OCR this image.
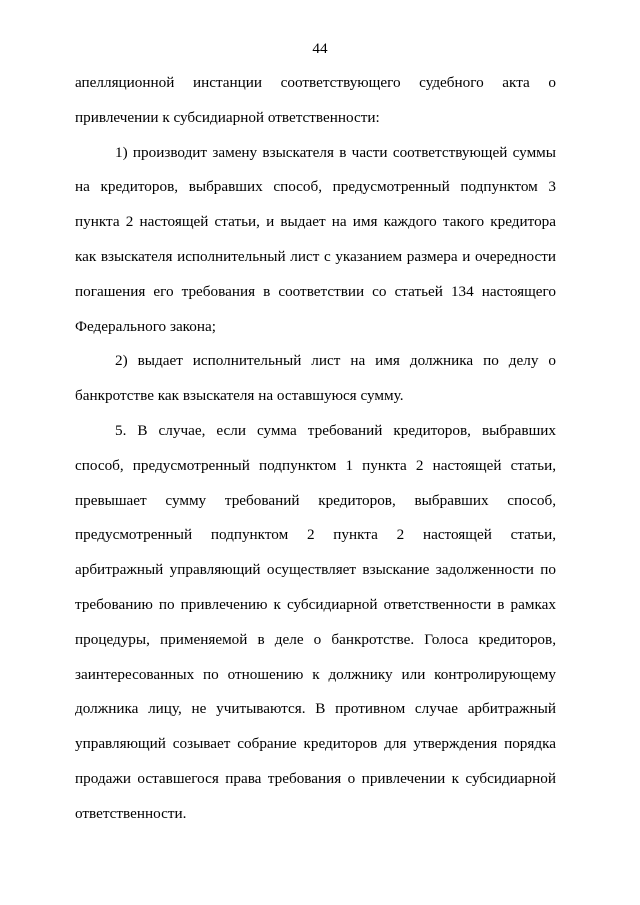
44

апелляционной инстанции соответствующего судебного акта о привлечении к субсидиарной ответственности:

1) производит замену взыскателя в части соответствующей суммы на кредиторов, выбравших способ, предусмотренный подпунктом 3 пункта 2 настоящей статьи, и выдает на имя каждого такого кредитора как взыскателя исполнительный лист с указанием размера и очередности погашения его требования в соответствии со статьей 134 настоящего Федерального закона;

2) выдает исполнительный лист на имя должника по делу о банкротстве как взыскателя на оставшуюся сумму.

5. В случае, если сумма требований кредиторов, выбравших способ, предусмотренный подпунктом 1 пункта 2 настоящей статьи, превышает сумму требований кредиторов, выбравших способ, предусмотренный подпунктом 2 пункта 2 настоящей статьи, арбитражный управляющий осуществляет взыскание задолженности по требованию по привлечению к субсидиарной ответственности в рамках процедуры, применяемой в деле о банкротстве. Голоса кредиторов, заинтересованных по отношению к должнику или контролирующему должника лицу, не учитываются. В противном случае арбитражный управляющий созывает собрание кредиторов для утверждения порядка продажи оставшегося права требования о привлечении к субсидиарной ответственности.
